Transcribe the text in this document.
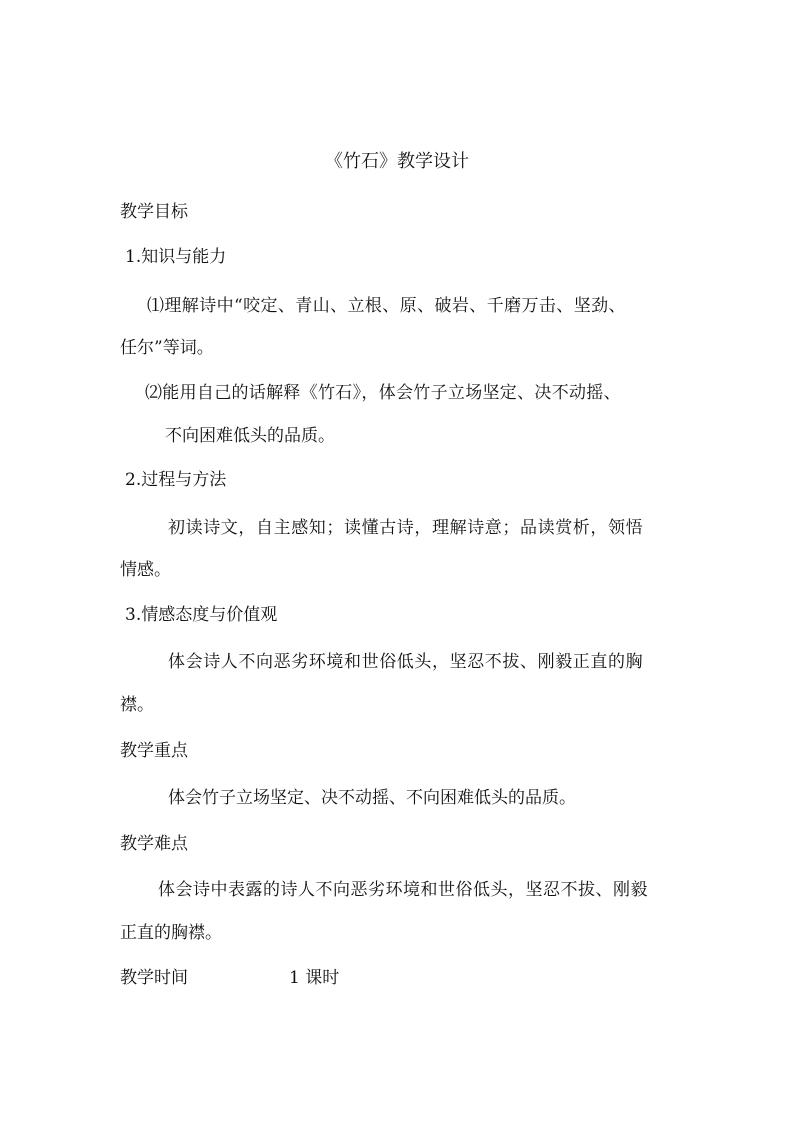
《竹石》教学设计
教学目标
1.知识与能力
⑴理解诗中“咬定、青山、立根、原、破岩、千磨万击、坚劲、
任尔”等词。
⑵能用自己的话解释《竹石》，体会竹子立场坚定、决不动摇、
不向困难低头的品质。
2.过程与方法
初读诗文，自主感知；读懂古诗，理解诗意；品读赏析，领悟
情感。
3.情感态度与价值观
体会诗人不向恶劣环境和世俗低头，坚忍不拔、刚毅正直的胸
襟。
教学重点
体会竹子立场坚定、决不动摇、不向困难低头的品质。
教学难点
体会诗中表露的诗人不向恶劣环境和世俗低头，坚忍不拔、刚毅
正直的胸襟。
教学时间	1 课时
